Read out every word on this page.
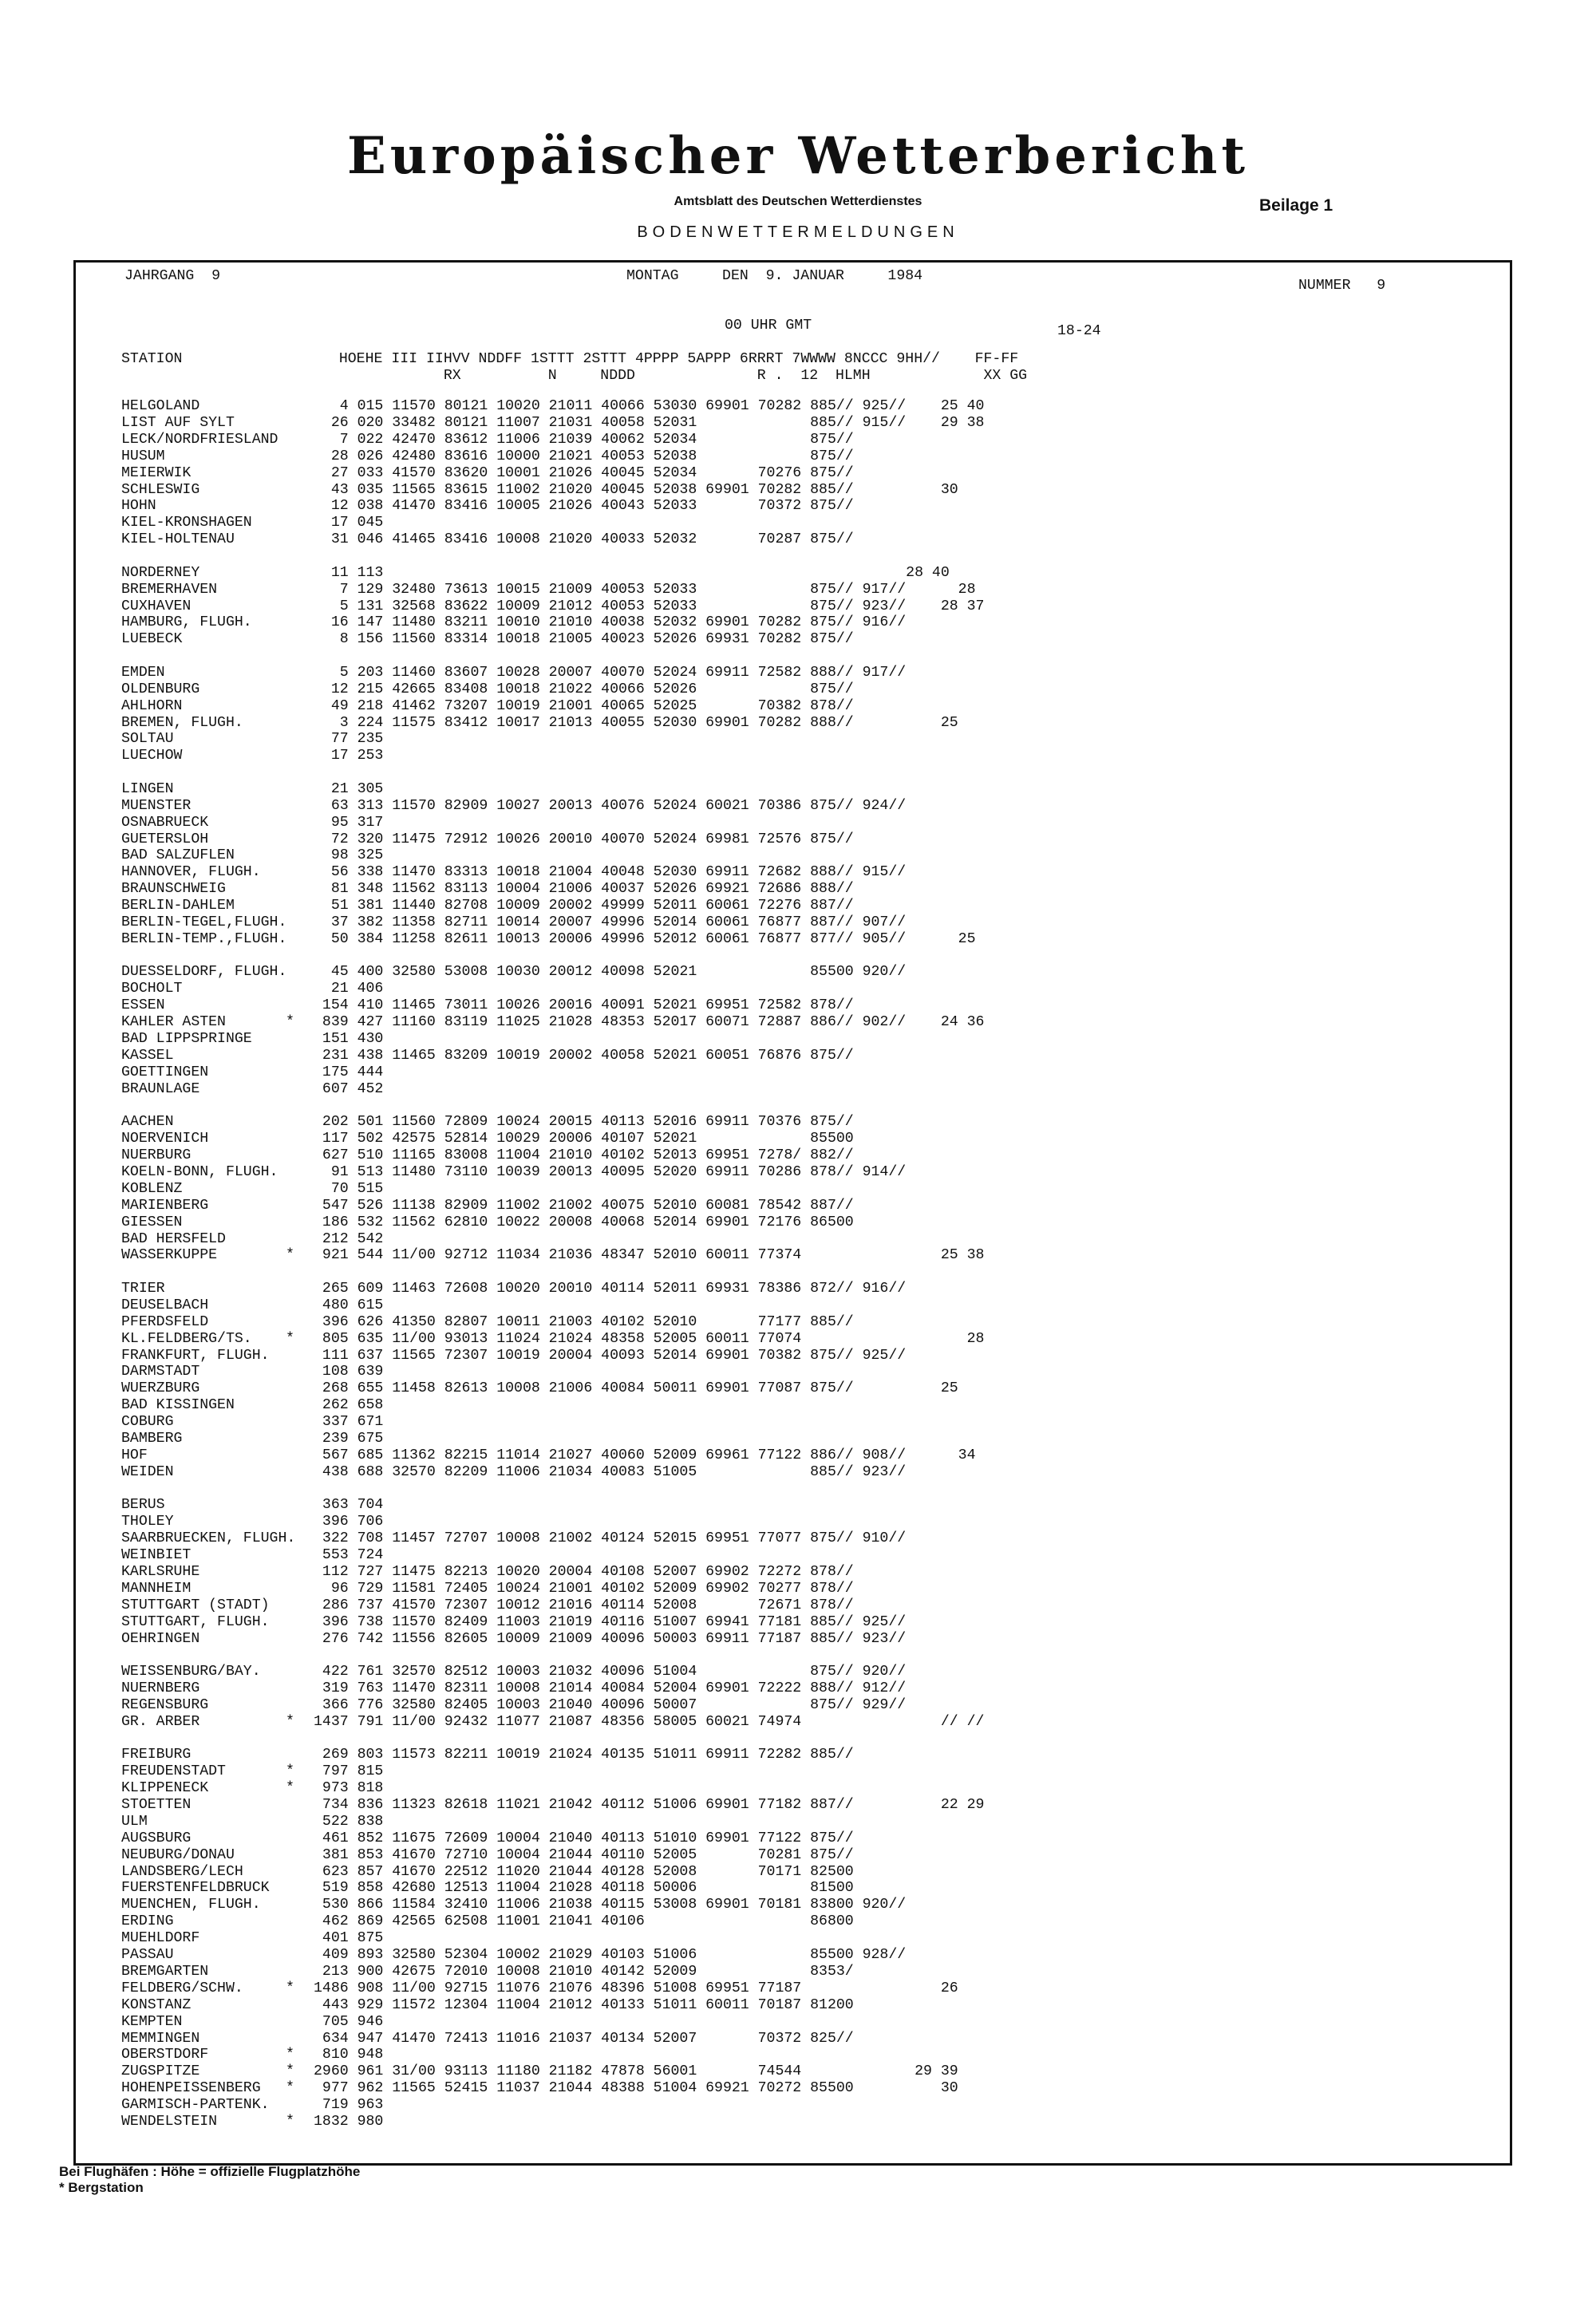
Europäischer Wetterbericht
Amtsblatt des Deutschen Wetterdienstes	Beilage 1
BODENWETTERMELDUNGEN
JAHRGANG  9	MONTAG     DEN  9. JANUAR     1984
NUMMER   9
00 UHR GMT	18-24
STATION                  HOEHE III IIHVV NDDFF 1STTT 2STTT 4PPPP 5APPP 6RRRT 7WWWW 8NCCC 9HH//    FF-FF
RX          N     NDDD              R .  12  HLMH             XX GG
HELGOLAND	4 015 11570 80121 10020 21011 40066 53030 69901 70282 885// 925//    25 40
LIST AUF SYLT	26 020 33482 80121 11007 21031 40058 52031             885// 915//    29 38
LECK/NORDFRIESLAND 7 022 42470 83612 11006 21039 40062 52034             875//
HUSUM	28 026 42480 83616 10000 21021 40053 52038             875//
MEIERWIK	27 033 41570 83620 10001 21026 40045 52034       70276 875//
SCHLESWIG	43 035 11565 83615 11002 21020 40045 52038 69901 70282 885//          30
HOHN	12 038 41470 83416 10005 21026 40043 52033       70372 875//
KIEL-KRONSHAGEN	17 045
KIEL-HOLTENAU	31 046 41465 83416 10008 21020 40033 52032       70287 875//
NORDERNEY	11 113                                                            28 40
BREMERHAVEN	7 129 32480 73613 10015 21009 40053 52033             875// 917//      28
CUXHAVEN	5 131 32568 83622 10009 21012 40053 52033             875// 923//    28 37
HAMBURG, FLUGH.	16 147 11480 83211 10010 21010 40038 52032 69901 70282 875// 916//
LUEBECK	8 156 11560 83314 10018 21005 40023 52026 69931 70282 875//
EMDEN	5 203 11460 83607 10028 20007 40070 52024 69911 72582 888// 917//
OLDENBURG	12 215 42665 83408 10018 21022 40066 52026             875//
AHLHORN	49 218 41462 73207 10019 21001 40065 52025       70382 878//
BREMEN, FLUGH.	3 224 11575 83412 10017 21013 40055 52030 69901 70282 888//          25
SOLTAU	77 235
LUECHOW	17 253
LINGEN	21 305
MUENSTER	63 313 11570 82909 10027 20013 40076 52024 60021 70386 875// 924//
OSNABRUECK	95 317
GUETERSLOH	72 320 11475 72912 10026 20010 40070 52024 69981 72576 875//
BAD SALZUFLEN	98 325
HANNOVER, FLUGH.	56 338 11470 83313 10018 21004 40048 52030 69911 72682 888// 915//
BRAUNSCHWEIG	81 348 11562 83113 10004 21006 40037 52026 69921 72686 888//
BERLIN-DAHLEM	51 381 11440 82708 10009 20002 49999 52011 60061 72276 887//
BERLIN-TEGEL,FLUGH. 37 382 11358 82711 10014 20007 49996 52014 60061 76877 887// 907//
BERLIN-TEMP.,FLUGH. 50 384 11258 82611 10013 20006 49996 52012 60061 76877 877// 905//      25
DUESSELDORF, FLUGH. 45 400 32580 53008 10030 20012 40098 52021             85500 920//
BOCHOLT	21 406
ESSEN	154 410 11465 73011 10026 20016 40091 52021 69951 72582 878//
KAHLER ASTEN	* 839 427 11160 83119 11025 21028 48353 52017 60071 72887 886// 902//    24 36
BAD LIPPSPRINGE	151 430
KASSEL	231 438 11465 83209 10019 20002 40058 52021 60051 76876 875//
GOETTINGEN	175 444
BRAUNLAGE	607 452
AACHEN	202 501 11560 72809 10024 20015 40113 52016 69911 70376 875//
NOERVENICH	117 502 42575 52814 10029 20006 40107 52021             85500
NUERBURG	627 510 11165 83008 11004 21010 40102 52013 69951 7278/ 882//
KOELN-BONN, FLUGH. 91 513 11480 73110 10039 20013 40095 52020 69911 70286 878// 914//
KOBLENZ	70 515
MARIENBERG	547 526 11138 82909 11002 21002 40075 52010 60081 78542 887//
GIESSEN	186 532 11562 62810 10022 20008 40068 52014 69901 72176 86500
BAD HERSFELD	212 542
WASSERKUPPE	* 921 544 11/00 92712 11034 21036 48347 52010 60011 77374                25 38
TRIER	265 609 11463 72608 10020 20010 40114 52011 69931 78386 872// 916//
DEUSELBACH	480 615
PFERDSFELD	396 626 41350 82807 10011 21003 40102 52010       77177 885//
KL.FELDBERG/TS. * 805 635 11/00 93013 11024 21024 48358 52005 60011 77074                   28
FRANKFURT, FLUGH.	111 637 11565 72307 10019 20004 40093 52014 69901 70382 875// 925//
DARMSTADT	108 639
WUERZBURG	268 655 11458 82613 10008 21006 40084 50011 69901 77087 875//          25
BAD KISSINGEN	262 658
COBURG	337 671
BAMBERG	239 675
HOF	567 685 11362 82215 11014 21027 40060 52009 69961 77122 886// 908//      34
WEIDEN	438 688 32570 82209 11006 21034 40083 51005             885// 923//
BERUS	363 704
THOLEY	396 706
SAARBRUECKEN, FLUGH. 322 708 11457 72707 10008 21002 40124 52015 69951 77077 875// 910//
WEINBIET	553 724
KARLSRUHE	112 727 11475 82213 10020 20004 40108 52007 69902 72272 878//
MANNHEIM	96 729 11581 72405 10024 21001 40102 52009 69902 70277 878//
STUTTGART (STADT)	286 737 41570 72307 10012 21016 40114 52008       72671 878//
STUTTGART, FLUGH.	396 738 11570 82409 11003 21019 40116 51007 69941 77181 885// 925//
OEHRINGEN	276 742 11556 82605 10009 21009 40096 50003 69911 77187 885// 923//
WEISSENBURG/BAY.	422 761 32570 82512 10003 21032 40096 51004             875// 920//
NUERNBERG	319 763 11470 82311 10008 21014 40084 52004 69901 72222 888// 912//
REGENSBURG	366 776 32580 82405 10003 21040 40096 50007             875// 929//
GR. ARBER	* 1437 791 11/00 92432 11077 21087 48356 58005 60021 74974                // //
FREIBURG	269 803 11573 82211 10019 21024 40135 51011 69911 72282 885//
FREUDENSTADT	* 797 815
KLIPPENECK	* 973 818
STOETTEN	734 836 11323 82618 11021 21042 40112 51006 69901 77182 887//          22 29
ULM	522 838
AUGSBURG	461 852 11675 72609 10004 21040 40113 51010 69901 77122 875//
NEUBURG/DONAU	381 853 41670 72710 10004 21044 40110 52005       70281 875//
LANDSBERG/LECH	623 857 41670 22512 11020 21044 40128 52008       70171 82500
FUERSTENFELDBRUCK	519 858 42680 12513 11004 21028 40118 50006             81500
MUENCHEN, FLUGH.	530 866 11584 32410 11006 21038 40115 53008 69901 70181 83800 920//
ERDING	462 869 42565 62508 11001 21041 40106                   86800
MUEHLDORF	401 875
PASSAU	409 893 32580 52304 10002 21029 40103 51006             85500 928//
BREMGARTEN	213 900 42675 72010 10008 21010 40142 52009             8353/
FELDBERG/SCHW.	* 1486 908 11/00 92715 11076 21076 48396 51008 69951 77187                26
KONSTANZ	443 929 11572 12304 11004 21012 40133 51011 60011 70187 81200
KEMPTEN	705 946
MEMMINGEN	634 947 41470 72413 11016 21037 40134 52007       70372 825//
OBERSTDORF	* 810 948
ZUGSPITZE	* 2960 961 31/00 93113 11180 21182 47878 56001       74544             29 39
HOHENPEISSENBERG * 977 962 11565 52415 11037 21044 48388 51004 69921 70272 85500          30
GARMISCH-PARTENK.	719 963
WENDELSTEIN	* 1832 980
Bei Flughäfen : Höhe = offizielle Flugplatzhöhe
* Bergstation
